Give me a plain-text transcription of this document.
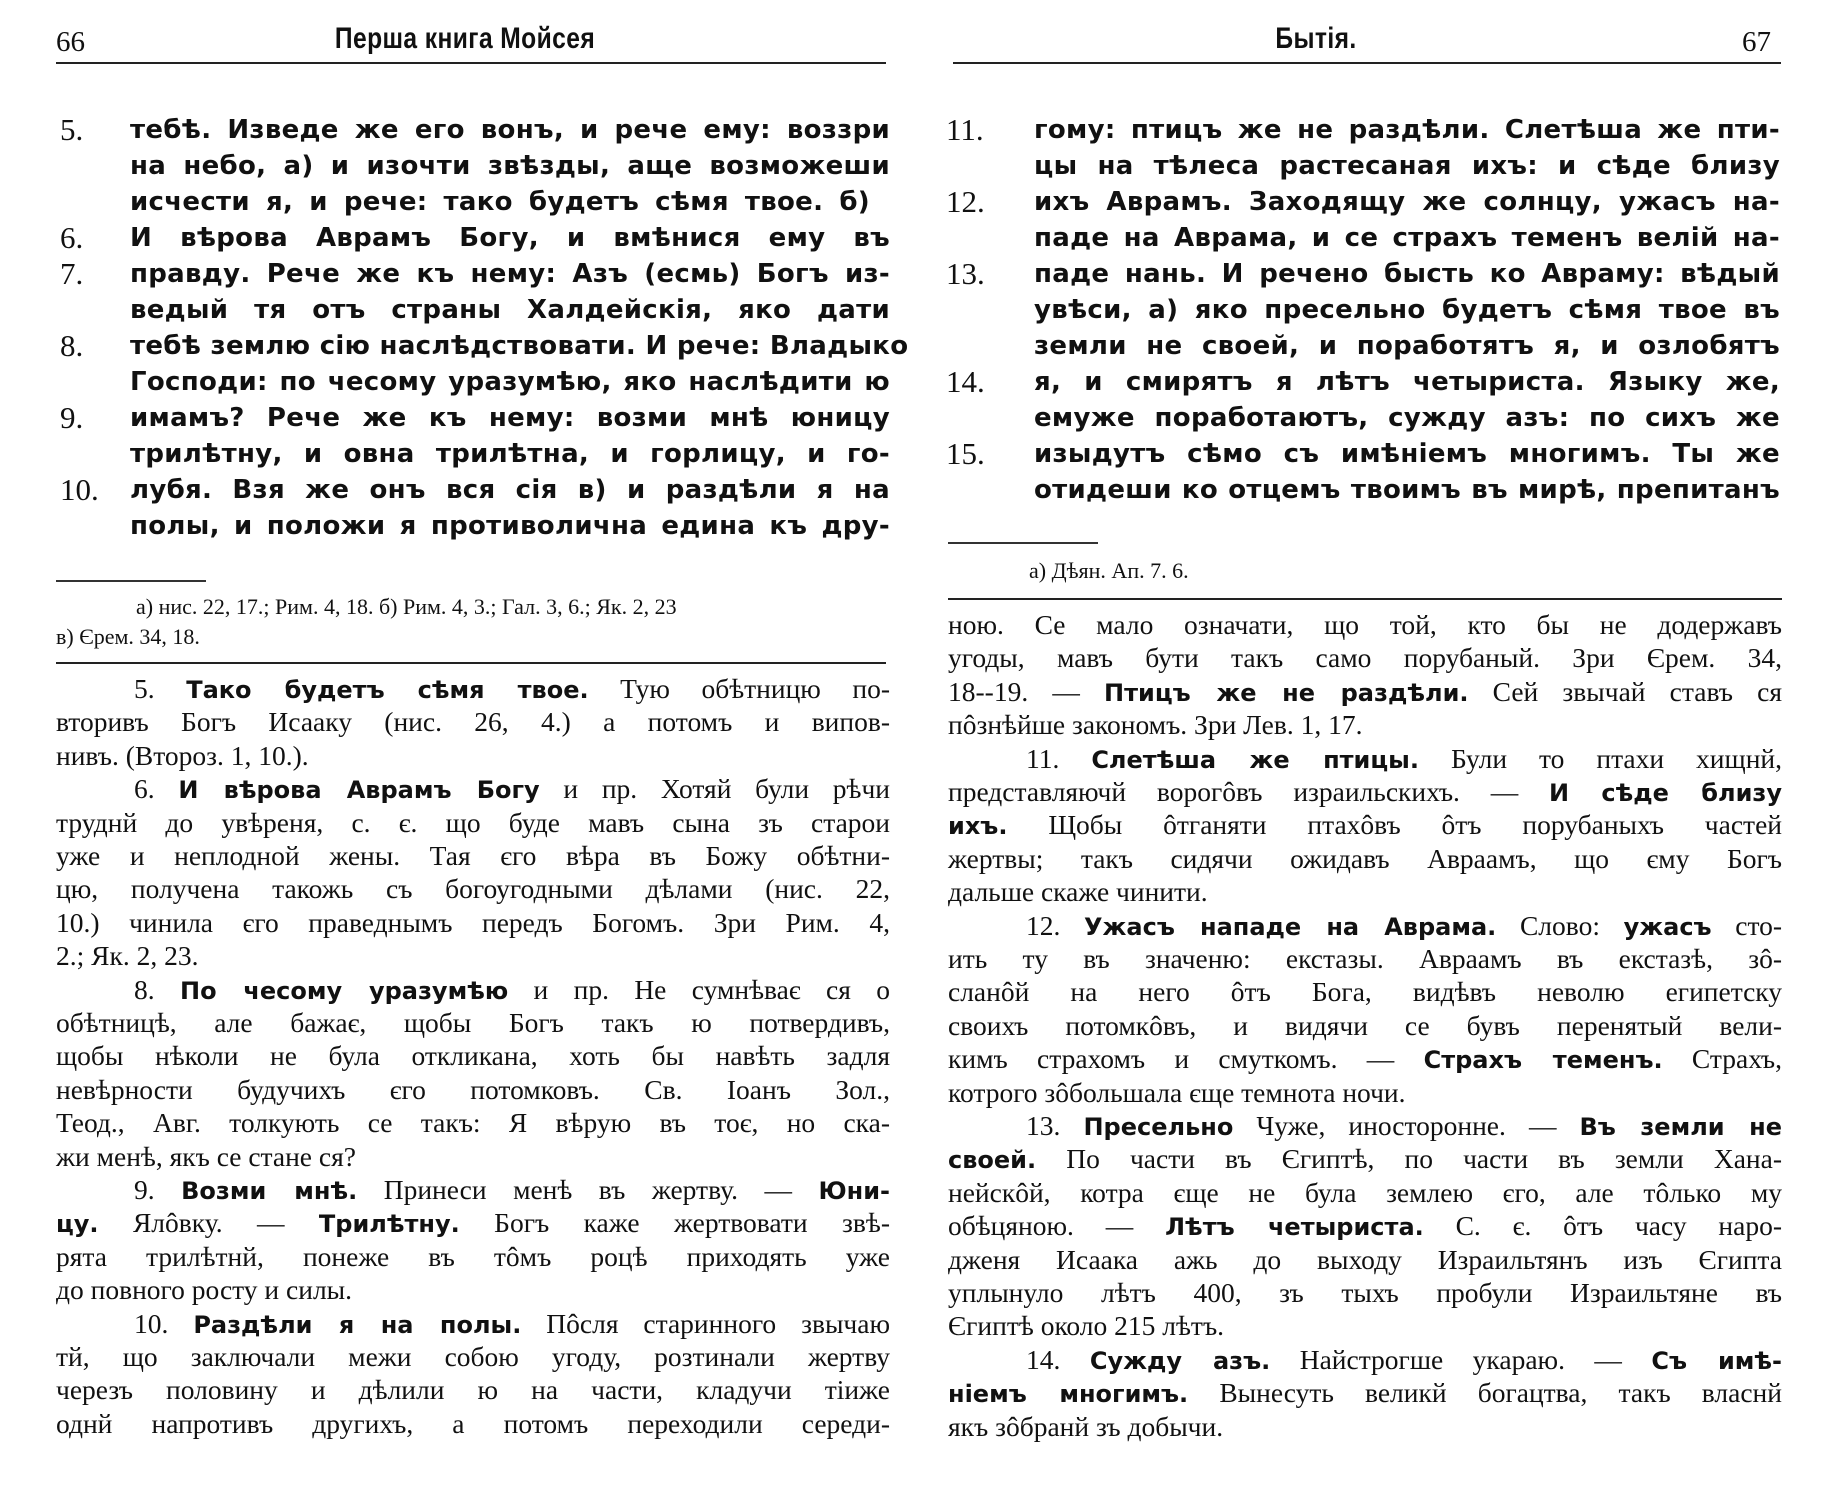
66	Перша книга Мойсея
5.
6.
7.
8.
9.
10.
тебѣ. Изведе же его вонъ, и рече ему: воззри
на небо, а) и изочти звѣзды, аще возможеши
исчести я, и рече: тако будетъ сѣмя твое. б)
И вѣрова Аврамъ Богу, и вмѣнися ему въ
правду. Рече же къ нему: Азъ (есмь) Богъ из-
ведый тя отъ страны Халдейскія, яко дати
тебѣ землю сію наслѣдствовати. И рече: Владыко
Господи: по чесому уразумѣю, яко наслѣдити ю
имамъ? Рече же къ нему: возми мнѣ юницу
трилѣтну, и овна трилѣтна, и горлицу, и го-
лубя. Взя же онъ вся сія в) и раздѣли я на
полы, и положи я противолична едина къ дру-
а) нис. 22, 17.; Рим. 4, 18. б) Рим. 4, 3.; Гал. 3, 6.; Як. 2, 23
в) Єрем. 34, 18.
5. Тако будетъ сѣмя твое. Тую обѣтницю по-
вторивъ Богъ Исааку (нис. 26, 4.) а потомъ и випов-
нивъ. (Второз. 1, 10.).
6. И вѣрова Аврамъ Богу и пр. Хотяй були рѣчи
труднй до увѣреня, с. є. що буде мавъ сына зъ старои
уже и неплодной жены. Тая єго вѣра въ Божу обѣтни-
цю, получена такожь съ богоугодными дѣлами (нис. 22,
10.) чинила єго праведнымъ передъ Богомъ. Зри Рим. 4,
2.; Як. 2, 23.
8. По чесому уразумѣю и пр. Не сумнѣває ся о
обѣтницѣ, але бажає, щобы Богъ такъ ю потвердивъ,
щобы нѣколи не була откликана, хоть бы навѣть задля
невѣрности будучихъ єго потомковъ. Св. Іоанъ Зол.,
Теод., Авг. толкують се такъ: Я вѣрую въ тоє, но ска-
жи менѣ, якъ се стане ся?
9. Возми мнѣ. Принеси менѣ въ жертву. — Юни-
цу. Ялôвку. — Трилѣтну. Богъ каже жертвовати звѣ-
рята трилѣтнй, понеже въ тôмъ роцѣ приходять уже
до повного росту и силы.
10. Раздѣли я на полы. Пôсля старинного звычаю
тй, що заключали межи собою угоду, розтинали жертву
черезъ половину и дѣлили ю на части, кладучи тіиже
однй напротивъ другихъ, а потомъ переходили середи-
Бытія.	67
11.
12.
13.
14.
15.
гому: птицъ же не раздѣли. Слетѣша же пти-
цы на тѣлеса растесаная ихъ: и сѣде близу
ихъ Аврамъ. Заходящу же солнцу, ужасъ на-
паде на Аврама, и се страхъ теменъ велій на-
паде нань. И речено бысть ко Авраму: вѣдый
увѣси, а) яко пресельно будетъ сѣмя твое въ
земли не своей, и поработятъ я, и озлобятъ
я, и смирятъ я лѣтъ четыриста. Языку же,
емуже поработаютъ, сужду азъ: по сихъ же
изыдутъ сѣмо съ имѣніемъ многимъ. Ты же
отидеши ко отцемъ твоимъ въ мирѣ, препитанъ
а) Дѣян. Ап. 7. 6.
ною. Се мало означати, що той, кто бы не додержавъ
угоды, мавъ бути такъ само порубаный. Зри Єрем. 34,
18--19. — Птицъ же не раздѣли. Сей звычай ставъ ся
пôзнѣйше закономъ. Зри Лев. 1, 17.
11. Слетѣша же птицы. Були то птахи хищнй,
представляючй ворогôвъ израильскихъ. — И сѣде близу
ихъ. Щобы ôтганяти птахôвъ ôтъ порубаныхъ частей
жертвы; такъ сидячи ожидавъ Авраамъ, що єму Богъ
дальше скаже чинити.
12. Ужасъ нападе на Аврама. Слово: ужасъ сто-
ить ту въ значеню: екстазы. Авраамъ въ екстазѣ, зô-
сланôй на него ôтъ Бога, видѣвъ неволю египетску
своихъ потомкôвъ, и видячи се бувъ перенятый вели-
кимъ страхомъ и смуткомъ. — Страхъ теменъ. Страхъ,
котрого зôбольшала єще темнота ночи.
13. Пресельно Чуже, иносторонне. — Въ земли не
своей. По части въ Єгиптѣ, по части въ земли Хана-
нейскôй, котра єще не була землею єго, але тôлько му
обѣцяною. — Лѣтъ четыриста. С. є. ôтъ часу наро-
дженя Исаака ажь до выходу Израильтянъ изъ Єгипта
уплынуло лѣтъ 400, зъ тыхъ пробули Израильтяне въ
Єгиптѣ около 215 лѣтъ.
14. Сужду азъ. Найстрогше укараю. — Съ имѣ-
ніемъ многимъ. Вынесуть великй богацтва, такъ власнй
якъ зôбранй зъ добычи.
